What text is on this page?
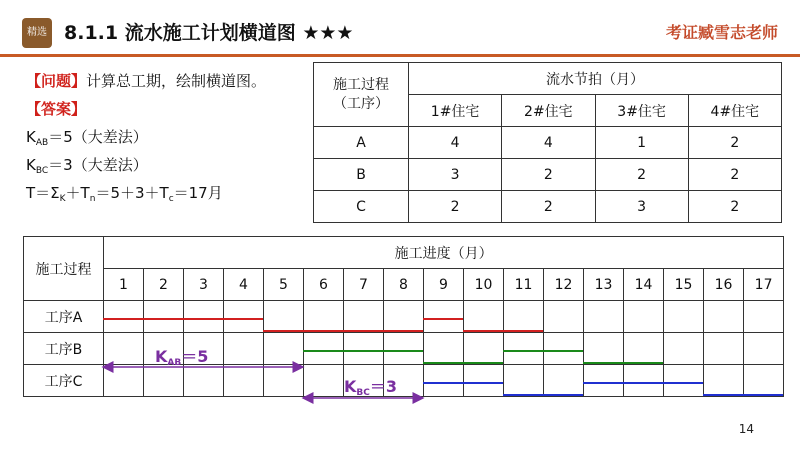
精选 8.1.1 流水施工计划横道图 ★★★	考证臧雪志老师
【问题】计算总工期，绘制横道图。
【答案】
$K_{AB}=5$（大差法）
$K_{BC}=3$（大差法）
$T=\Sigma_K+T_n=5+3+T_c=17$月
施工过程
（工序）	流水节拍（月）			
	1#住宅	2#住宅	3#住宅	4#住宅
A	4	4	1	2
B	3	2	2	2
C	2	2	3	2
施工过程	施工进度（月）																
	1	2	3	4	5	6	7	8	9	10	11	12	13	14	15	16	17
工序A																	
工序B																	
工序C																	
$K_{AB}=5$
$K_{BC}=3$
14
